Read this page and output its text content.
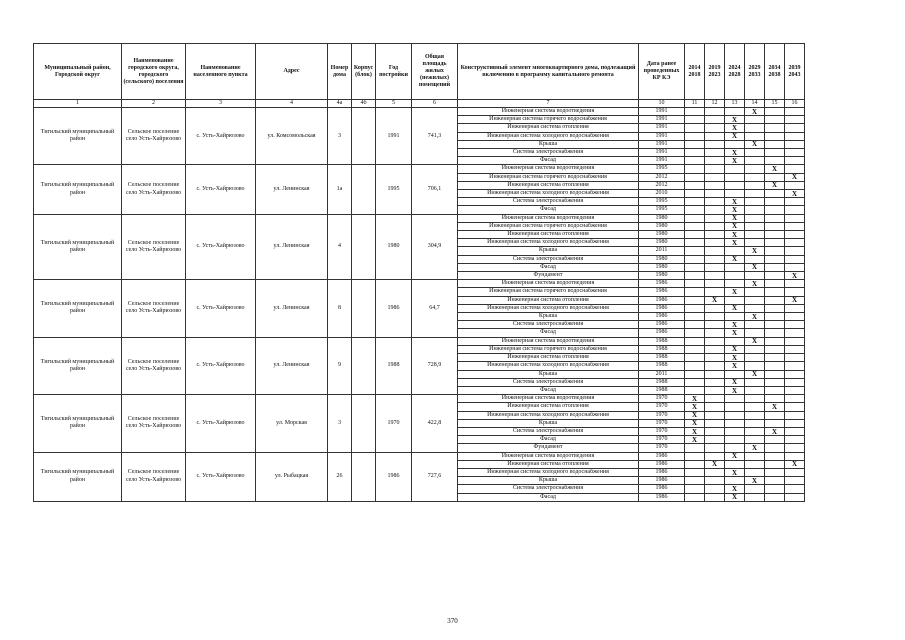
Муниципальный район, Городской округ	Наименование городского округа, городского (сельского) поселения	Наименование населенного пункта	Адрес	Номер дома	Корпус (блок)	Год постройки	Общая площадь жилых (нежилых) помещений	Конструктивный элемент многоквартирного дома, подлежащий включению в программу капитального ремонта	Дата ранее проведенных КР КЭ	2014 2018	2019 2023	2024 2028	2029 2033	2034 2038	2039 2043
1	2	3	4	4а	4б	5	6	7	10	11	12	13	14	15	16
Тигильский муниципальный район	Сельское поселение село Усть-Хайрюзово	с. Усть-Хайрюзово	ул. Комсомольская	3		1991	741,3	Инженерная система водоотведения	1991				X		
								Инженерная система горячего водоснабжения	1991			X			
								Инженерная система отопления	1991			X			
								Инженерная система холодного водоснабжения	1991			X			
								Крыша	1991				X		
								Система электроснабжения	1991			X			
								Фасад	1991			X			
Тигильский муниципальный район	Сельское поселение село Усть-Хайрюзово	с. Усть-Хайрюзово	ул. Ленинская	1а		1995	706,1	Инженерная система водоотведения	1995					X	
								Инженерная система горячего водоснабжения	2012						X
								Инженерная система отопления	2012					X	
								Инженерная система холодного водоснабжения	2010						X
								Система электроснабжения	1995			X			
								Фасад	1995			X			
Тигильский муниципальный район	Сельское поселение село Усть-Хайрюзово	с. Усть-Хайрюзово	ул. Ленинская	4		1980	304,9	Инженерная система водоотведения	1980			X			
								Инженерная система горячего водоснабжения	1980			X			
								Инженерная система отопления	1980			X			
								Инженерная система холодного водоснабжения	1980			X			
								Крыша	2011				X		
								Система электроснабжения	1980			X			
								Фасад	1980				X		
								Фундамент	1980						X
Тигильский муниципальный район	Сельское поселение село Усть-Хайрюзово	с. Усть-Хайрюзово	ул. Ленинская	8		1986	64,7	Инженерная система водоотведения	1986				X		
								Инженерная система горячего водоснабжения	1986			X			
								Инженерная система отопления	1986		X				X
								Инженерная система холодного водоснабжения	1986			X			
								Крыша	1986				X		
								Система электроснабжения	1986			X			
								Фасад	1986			X			
Тигильский муниципальный район	Сельское поселение село Усть-Хайрюзово	с. Усть-Хайрюзово	ул. Ленинская	9		1988	728,9	Инженерная система водоотведения	1988				X		
								Инженерная система горячего водоснабжения	1988			X			
								Инженерная система отопления	1988			X			
								Инженерная система холодного водоснабжения	1988			X			
								Крыша	2011				X		
								Система электроснабжения	1988			X			
								Фасад	1988			X			
Тигильский муниципальный район	Сельское поселение село Усть-Хайрюзово	с. Усть-Хайрюзово	ул. Морская	3		1970	422,8	Инженерная система водоотведения	1970	X					
								Инженерная система отопления	1970	X				X	
								Инженерная система холодного водоснабжения	1970	X					
								Крыша	1970	X					
								Система электроснабжения	1970	X				X	
								Фасад	1970	X					
								Фундамент	1970				X		
Тигильский муниципальный район	Сельское поселение село Усть-Хайрюзово	с. Усть-Хайрюзово	ул. Рыбацкая	26		1986	727,6	Инженерная система водоотведения	1986			X			
								Инженерная система отопления	1986		X				X
								Инженерная система холодного водоснабжения	1986			X			
								Крыша	1986				X		
								Система электроснабжения	1986			X			
								Фасад	1986			X			
370
